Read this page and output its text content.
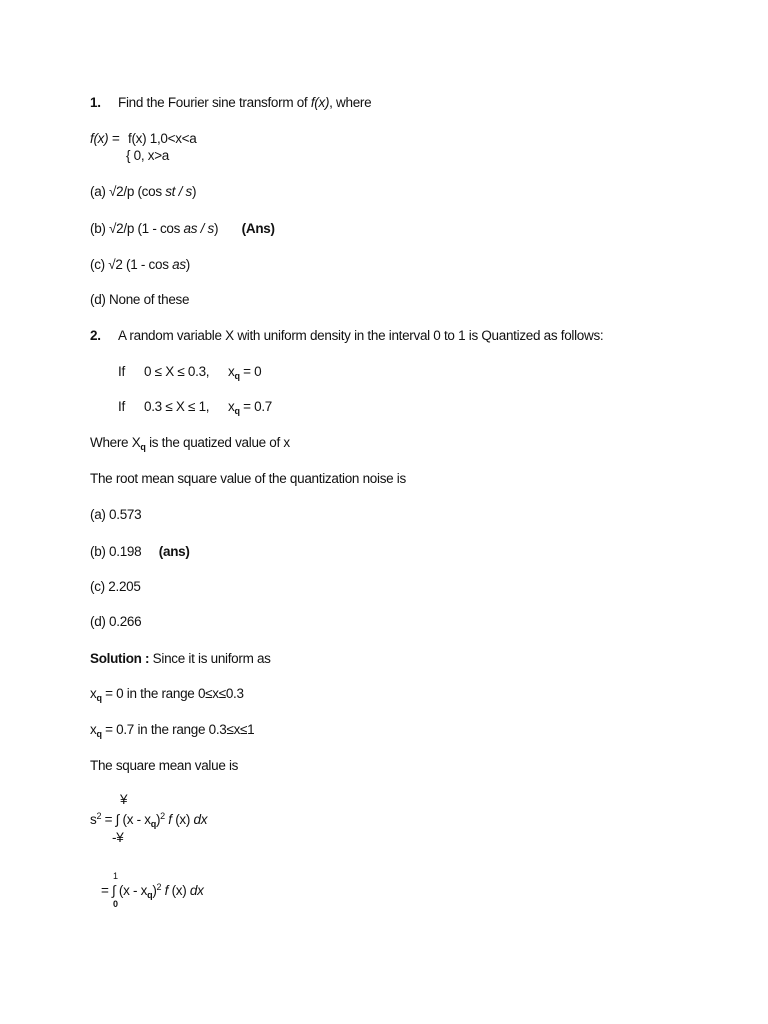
1. Find the Fourier sine transform of f(x), where
f(x) = f(x) 1,0<x<a
{ 0, x>a
(a) √2/p (cos st / s)
(b) √2/p (1 - cos as / s) (Ans)
(c) √2 (1 - cos as)
(d) None of these
2. A random variable X with uniform density in the interval 0 to 1 is Quantized as follows:
If 0 ≤ X ≤ 0.3, $x_q = 0$
If 0.3 ≤ X ≤ 1, $x_q = 0.7$
Where $X_q$ is the quatized value of x
The root mean square value of the quantization noise is
(a) 0.573
(b) 0.198 (ans)
(c) 2.205
(d) 0.266
Solution : Since it is uniform as
$x_q = 0$ in the range 0≤x≤0.3
$x_q = 0.7$ in the range 0.3≤x≤1
The square mean value is
¥
$s^2$ = ∫ $(x - x_q)^2$ f (x) dx
-¥
1
= ∫ $(x - x_q)^2$ f (x) dx
0
